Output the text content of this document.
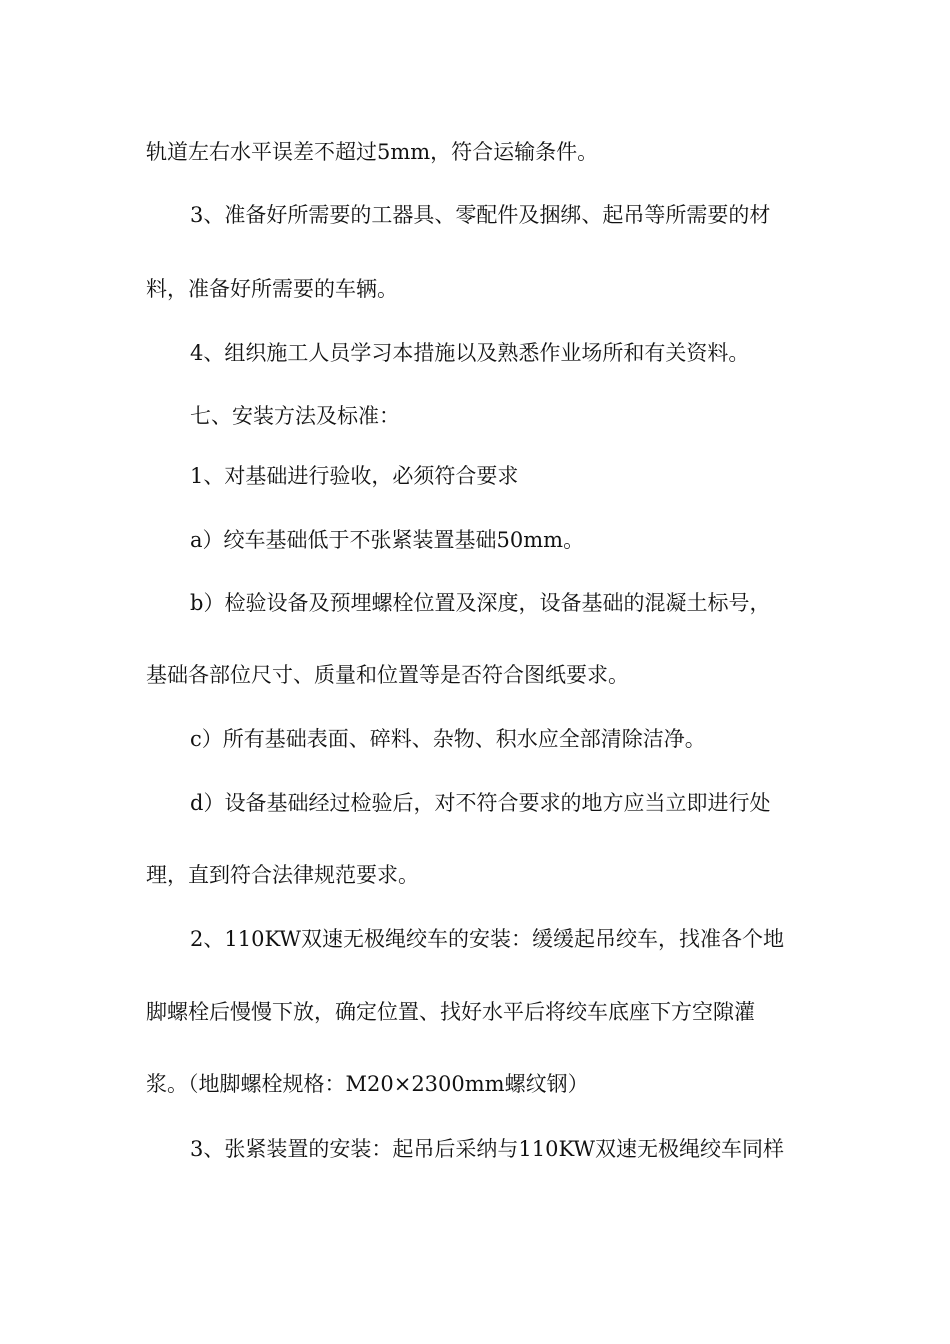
轨道左右水平误差不超过5mm，符合运输条件。
3、准备好所需要的工器具、零配件及捆绑、起吊等所需要的材
料，准备好所需要的车辆。
4、组织施工人员学习本措施以及熟悉作业场所和有关资料。
七、安装方法及标准：
1、对基础进行验收，必须符合要求
a）绞车基础低于不张紧装置基础50mm。
b）检验设备及预埋螺栓位置及深度，设备基础的混凝土标号，
基础各部位尺寸、质量和位置等是否符合图纸要求。
c）所有基础表面、碎料、杂物、积水应全部清除洁净。
d）设备基础经过检验后，对不符合要求的地方应当立即进行处
理，直到符合法律规范要求。
2、110KW双速无极绳绞车的安装：缓缓起吊绞车，找准各个地
脚螺栓后慢慢下放，确定位置、找好水平后将绞车底座下方空隙灌
浆。（地脚螺栓规格：M20×2300mm螺纹钢）
3、张紧装置的安装：起吊后采纳与110KW双速无极绳绞车同样
